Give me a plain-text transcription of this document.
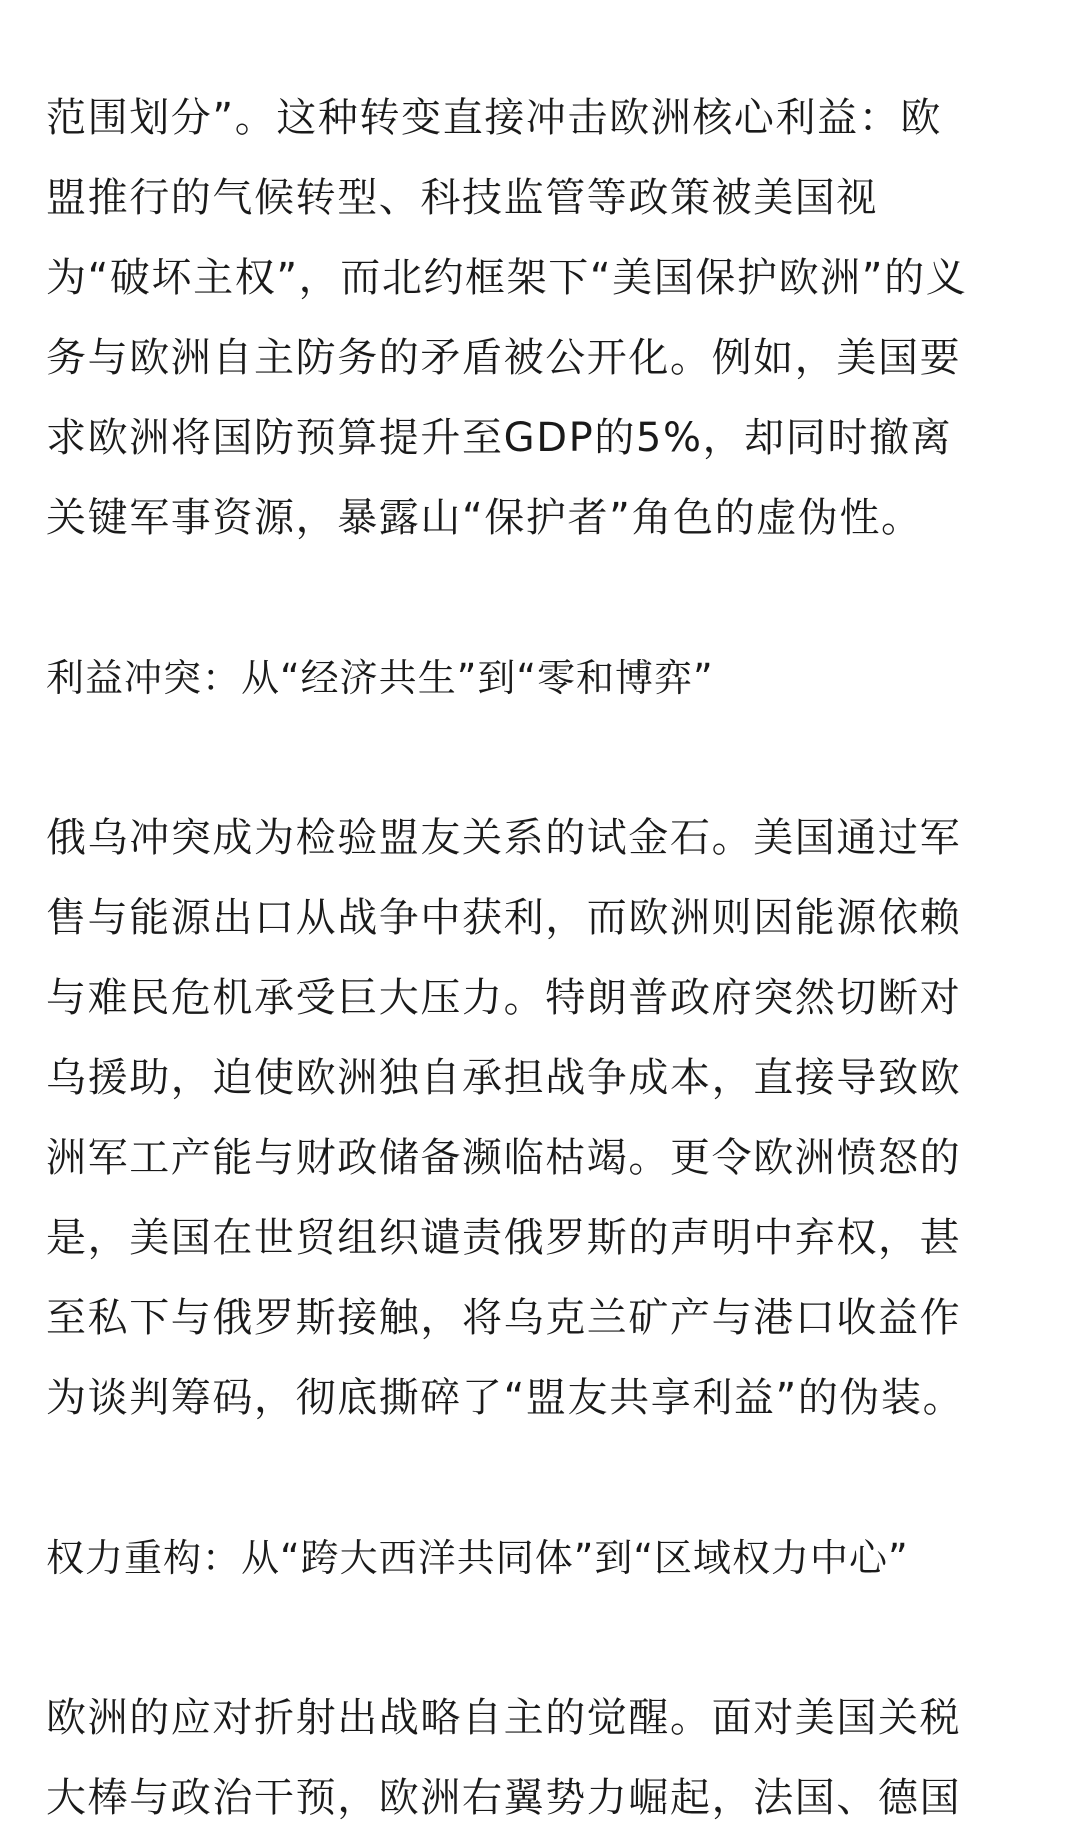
范围划分”。这种转变直接冲击欧洲核心利益：欧
盟推行的气候转型、科技监管等政策被美国视
为“破坏主权”，而北约框架下“美国保护欧洲”的义
务与欧洲自主防务的矛盾被公开化。例如，美国要
求欧洲将国防预算提升至GDP的5%，却同时撤离
关键军事资源，暴露山“保护者”角色的虚伪性。

利益冲突：从“经济共生”到“零和博弈”

俄乌冲突成为检验盟友关系的试金石。美国通过军
售与能源出口从战争中获利，而欧洲则因能源依赖
与难民危机承受巨大压力。特朗普政府突然切断对
乌援助，迫使欧洲独自承担战争成本，直接导致欧
洲军工产能与财政储备濒临枯竭。更令欧洲愤怒的
是，美国在世贸组织谴责俄罗斯的声明中弃权，甚
至私下与俄罗斯接触，将乌克兰矿产与港口收益作
为谈判筹码，彻底撕碎了“盟友共享利益”的伪装。

权力重构：从“跨大西洋共同体”到“区域权力中心”

欧洲的应对折射出战略自主的觉醒。面对美国关税
大棒与政治干预，欧洲右翼势力崛起，法国、德国
